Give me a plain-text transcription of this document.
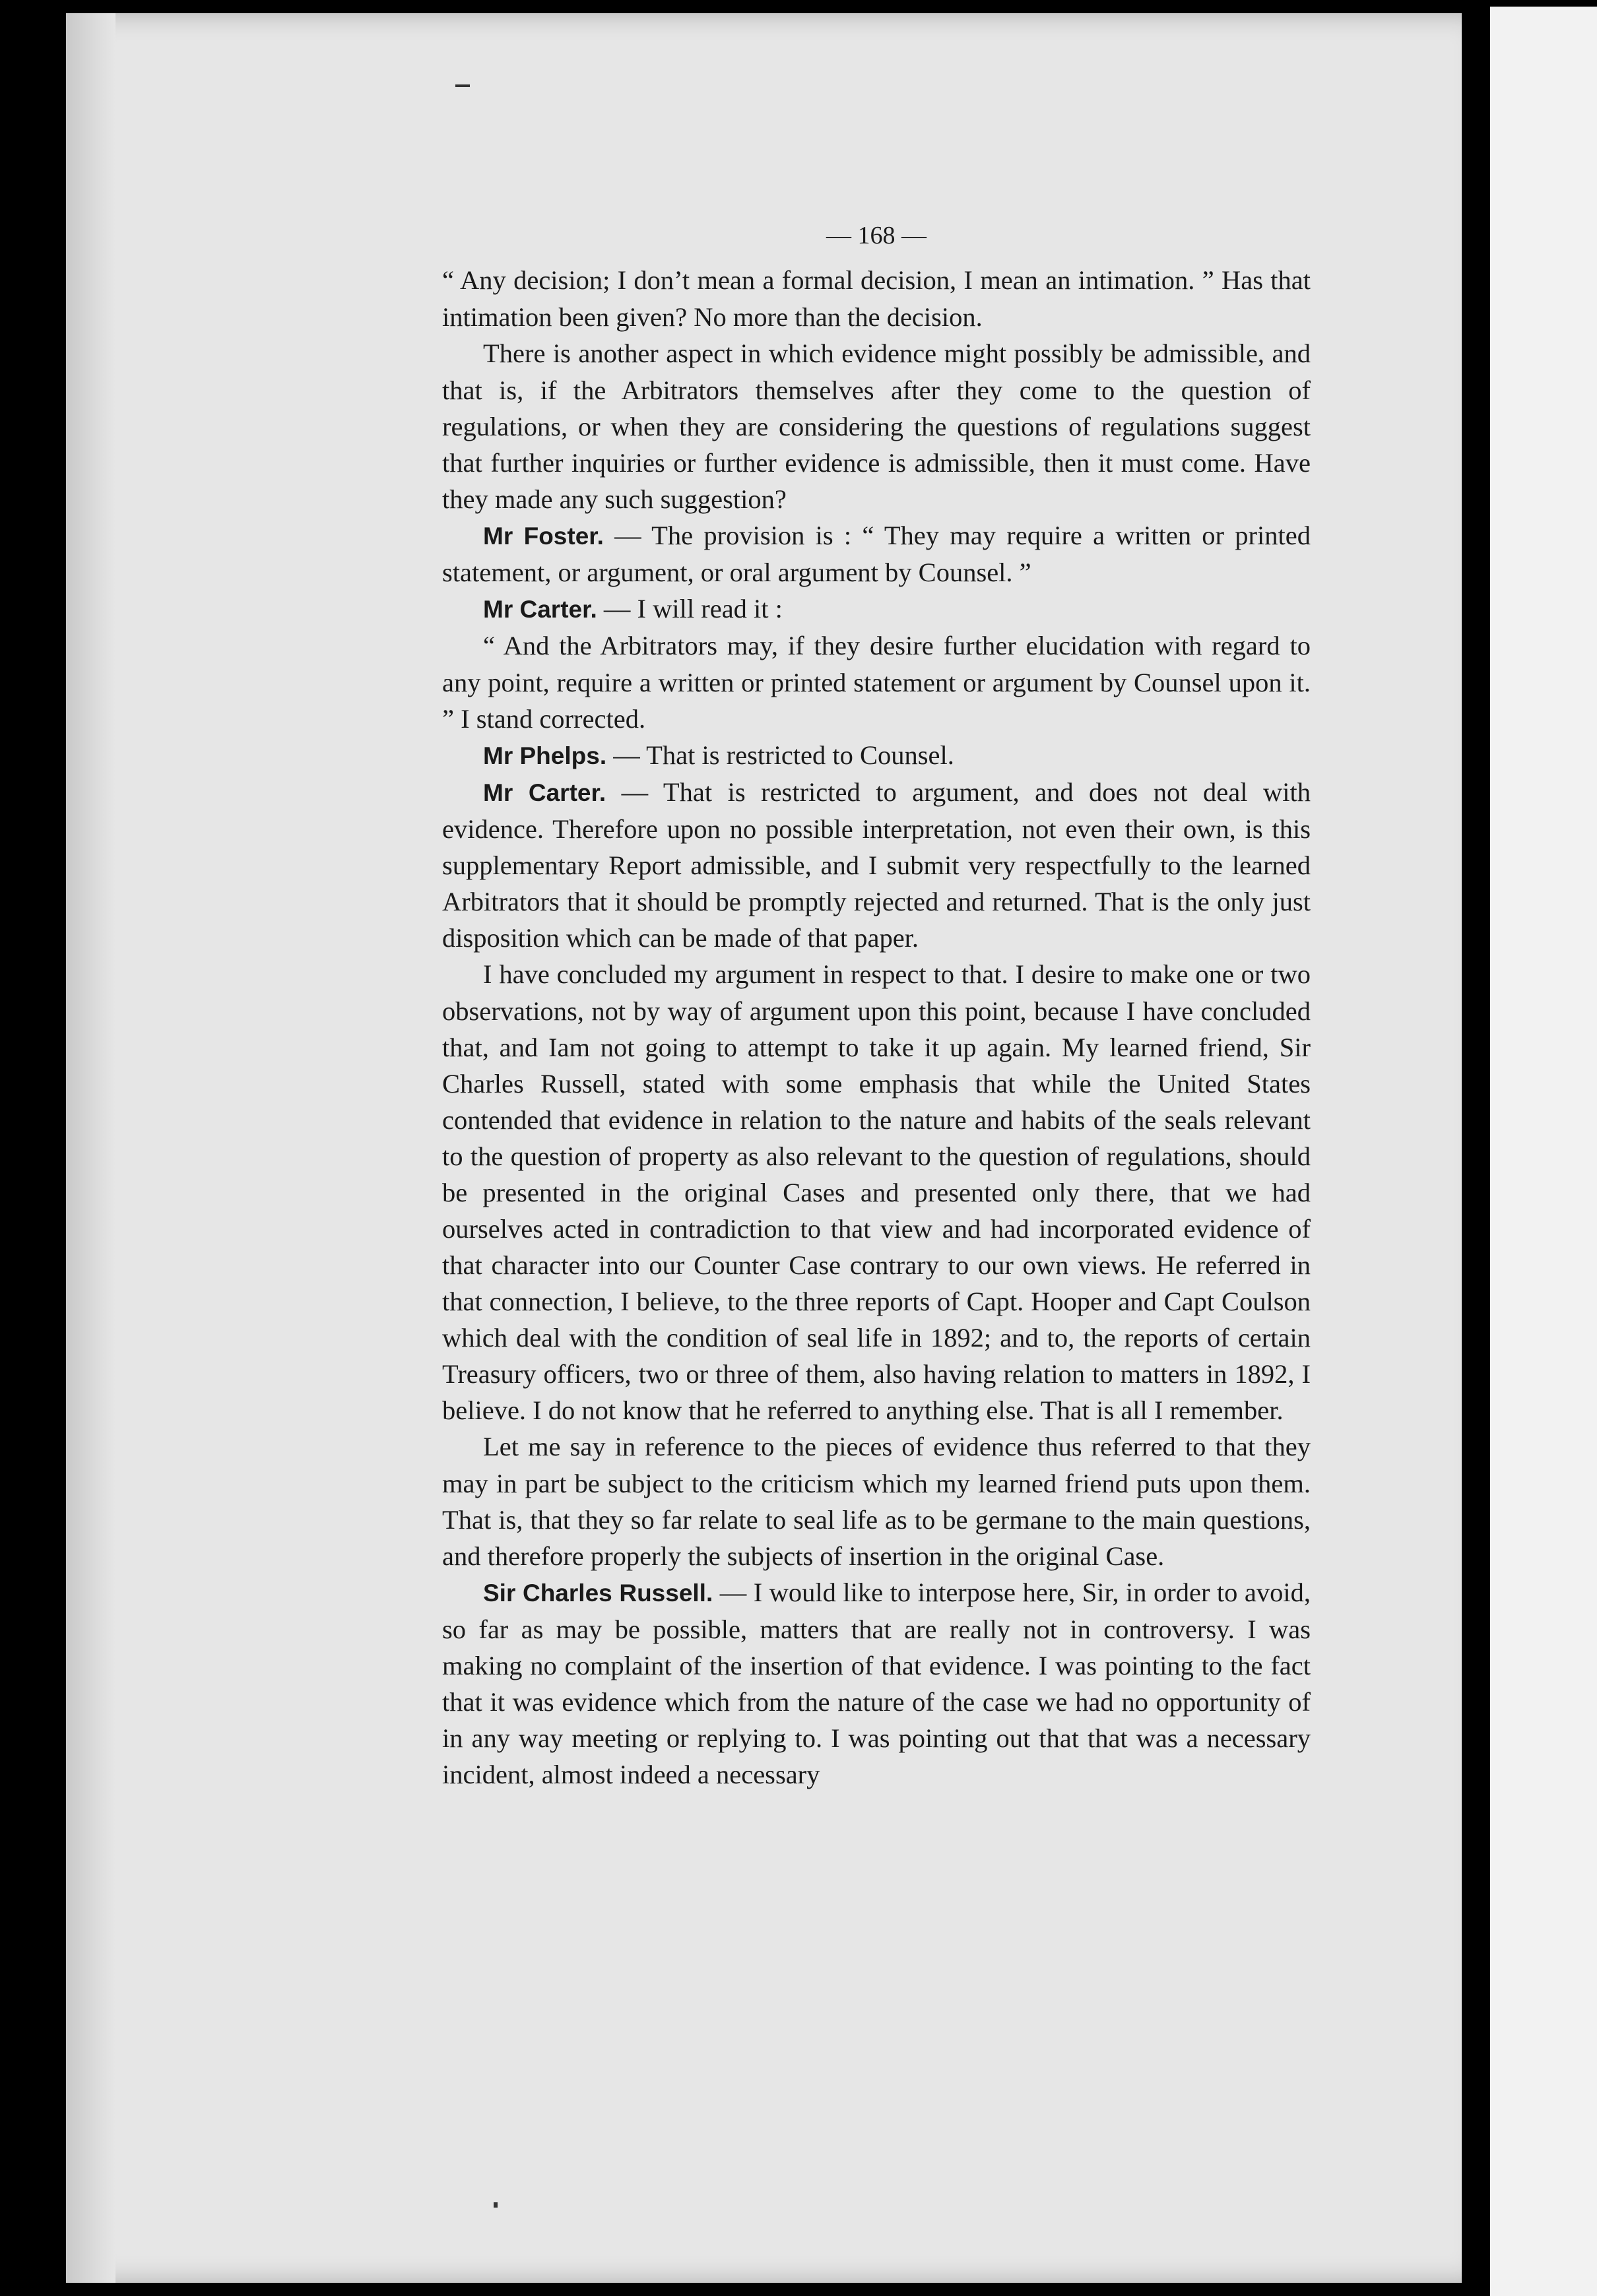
— 168 —

“ Any decision; I don’t mean a formal decision, I mean an intimation. ” Has that intimation been given? No more than the decision.

There is another aspect in which evidence might possibly be admissible, and that is, if the Arbitrators themselves after they come to the question of regulations, or when they are considering the questions of regulations suggest that further inquiries or further evidence is admissible, then it must come. Have they made any such suggestion?

Mr Foster. — The provision is : “ They may require a written or printed statement, or argument, or oral argument by Counsel. ”

Mr Carter. — I will read it :

“ And the Arbitrators may, if they desire further elucidation with regard to any point, require a written or printed statement or argument by Counsel upon it. ” I stand corrected.

Mr Phelps. — That is restricted to Counsel.

Mr Carter. — That is restricted to argument, and does not deal with evidence. Therefore upon no possible interpretation, not even their own, is this supplementary Report admissible, and I submit very respectfully to the learned Arbitrators that it should be promptly rejected and returned. That is the only just disposition which can be made of that paper.

I have concluded my argument in respect to that. I desire to make one or two observations, not by way of argument upon this point, because I have concluded that, and Iam not going to attempt to take it up again. My learned friend, Sir Charles Russell, stated with some emphasis that while the United States contended that evidence in relation to the nature and habits of the seals relevant to the question of property as also relevant to the question of regulations, should be presented in the original Cases and presented only there, that we had ourselves acted in contradiction to that view and had incorporated evidence of that character into our Counter Case contrary to our own views. He referred in that connection, I believe, to the three reports of Capt. Hooper and Capt Coulson which deal with the condition of seal life in 1892; and to, the reports of certain Treasury officers, two or three of them, also having relation to matters in 1892, I believe. I do not know that he referred to anything else. That is all I remember.

Let me say in reference to the pieces of evidence thus referred to that they may in part be subject to the criticism which my learned friend puts upon them. That is, that they so far relate to seal life as to be germane to the main questions, and therefore properly the subjects of insertion in the original Case.

Sir Charles Russell. — I would like to interpose here, Sir, in order to avoid, so far as may be possible, matters that are really not in controversy. I was making no complaint of the insertion of that evidence. I was pointing to the fact that it was evidence which from the nature of the case we had no opportunity of in any way meeting or replying to. I was pointing out that that was a necessary incident, almost indeed a necessary
